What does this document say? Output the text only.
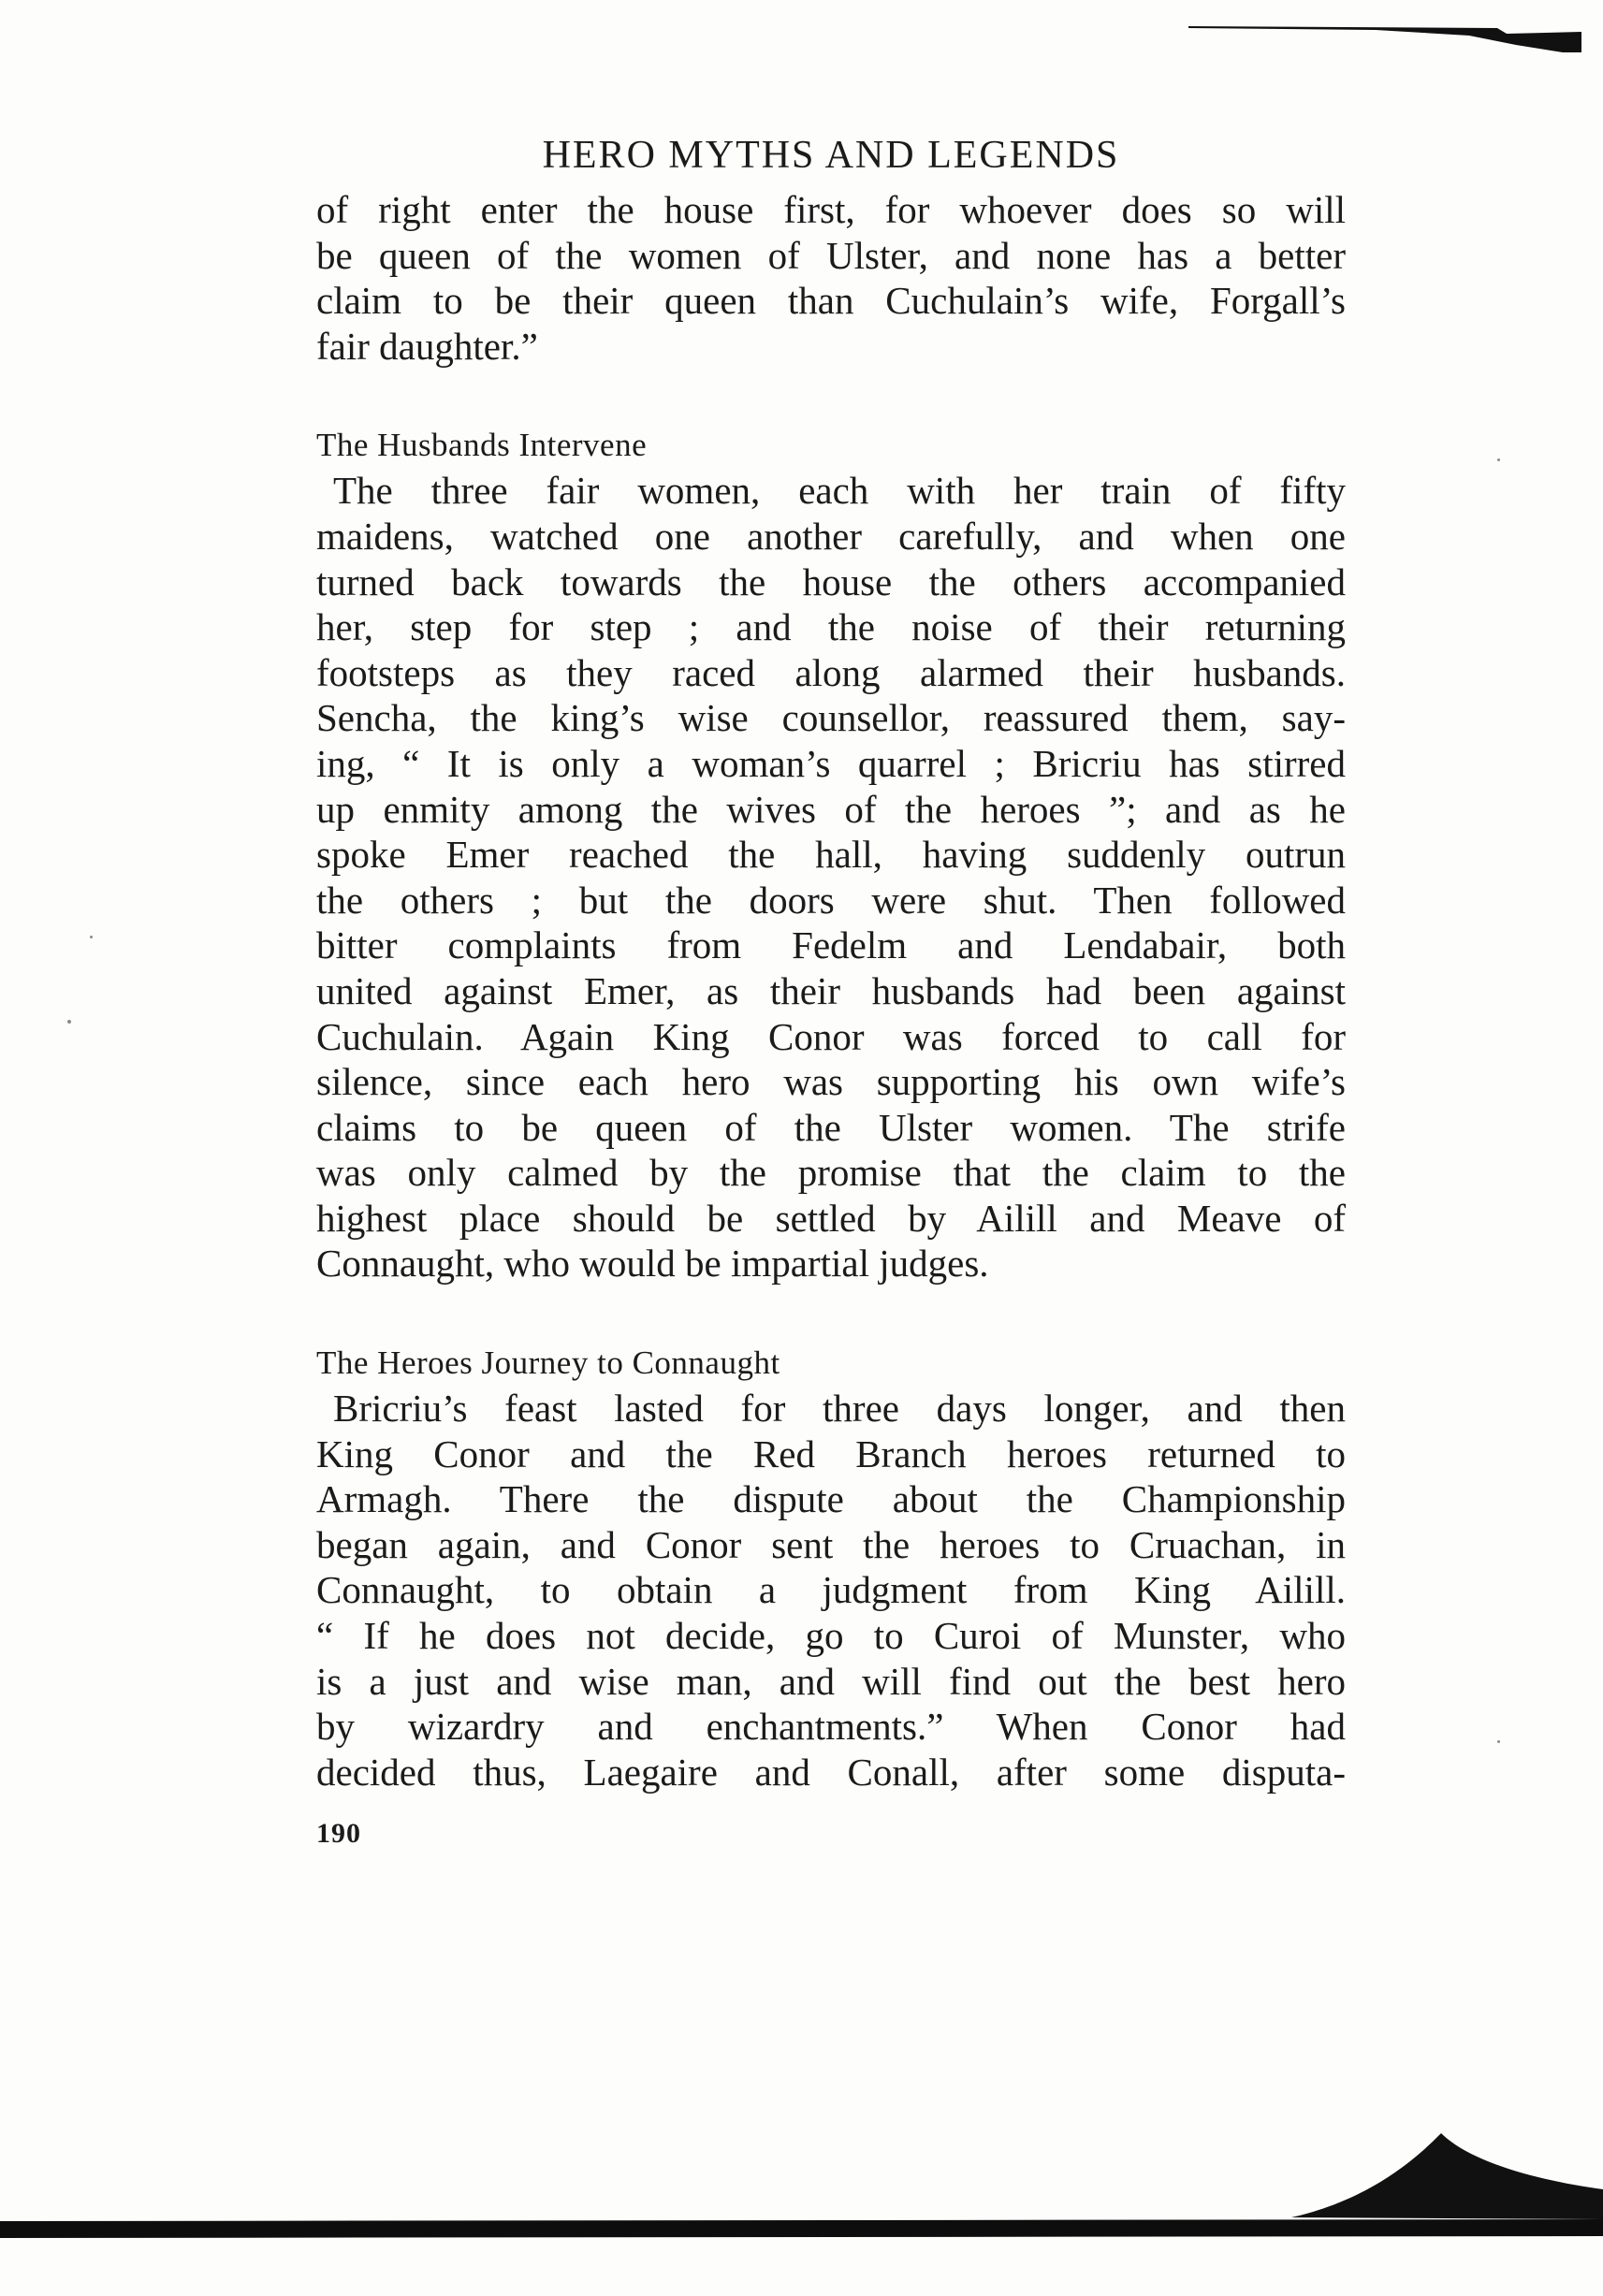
HERO MYTHS AND LEGENDS
of right enter the house first, for whoever does so will
be queen of the women of Ulster, and none has a better
claim to be their queen than Cuchulain’s wife, Forgall’s
fair daughter.”
The Husbands Intervene
The three fair women, each with her train of fifty
maidens, watched one another carefully, and when one
turned back towards the house the others accompanied
her, step for step ; and the noise of their returning
footsteps as they raced along alarmed their husbands.
Sencha, the king’s wise counsellor, reassured them, say-
ing, “ It is only a woman’s quarrel ; Bricriu has stirred
up enmity among the wives of the heroes ”; and as he
spoke Emer reached the hall, having suddenly outrun
the others ; but the doors were shut. Then followed
bitter complaints from Fedelm and Lendabair, both
united against Emer, as their husbands had been against
Cuchulain. Again King Conor was forced to call for
silence, since each hero was supporting his own wife’s
claims to be queen of the Ulster women. The strife
was only calmed by the promise that the claim to the
highest place should be settled by Ailill and Meave of
Connaught, who would be impartial judges.
The Heroes Journey to Connaught
Bricriu’s feast lasted for three days longer, and then
King Conor and the Red Branch heroes returned to
Armagh. There the dispute about the Championship
began again, and Conor sent the heroes to Cruachan, in
Connaught, to obtain a judgment from King Ailill.
“ If he does not decide, go to Curoi of Munster, who
is a just and wise man, and will find out the best hero
by wizardry and enchantments.” When Conor had
decided thus, Laegaire and Conall, after some disputa-
190
